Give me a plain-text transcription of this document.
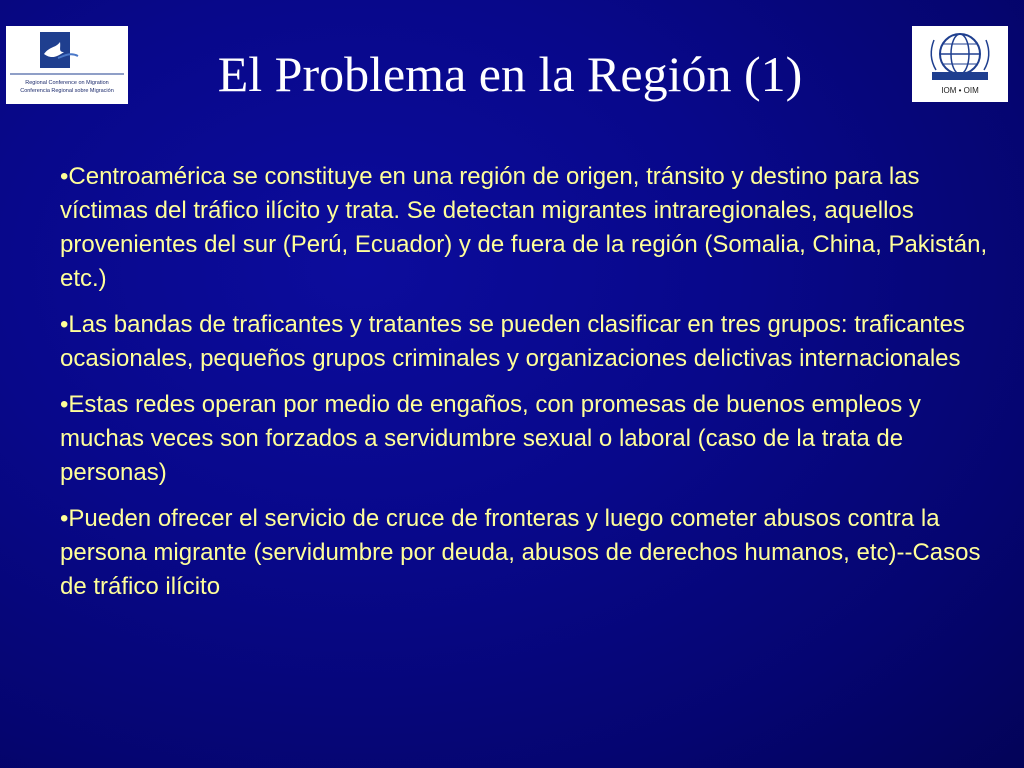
Regional Conference on Migration
Conferencia Regional sobre Migración	El Problema en la Región (1)	IOM • OIM
•Centroamérica se constituye en una región de origen, tránsito y destino para las víctimas del tráfico ilícito y trata. Se detectan migrantes intraregionales, aquellos provenientes del sur (Perú, Ecuador) y de fuera de la región (Somalia, China, Pakistán, etc.)
•Las bandas de traficantes y tratantes se pueden clasificar en tres grupos: traficantes ocasionales, pequeños grupos criminales y organizaciones delictivas internacionales
•Estas redes operan por medio de engaños, con promesas de buenos empleos y muchas veces son forzados a servidumbre sexual o laboral (caso de la trata de personas)
•Pueden ofrecer el servicio de cruce de fronteras y luego cometer abusos contra la persona migrante (servidumbre por deuda, abusos de derechos humanos, etc)--Casos de tráfico ilícito
